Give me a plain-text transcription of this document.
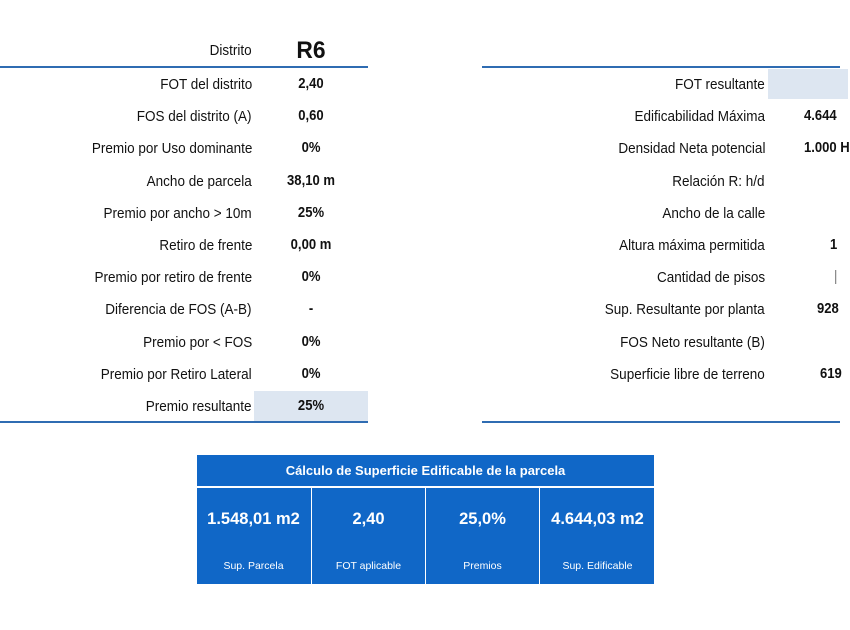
Distrito	R6
FOT del distrito	2,40
FOS del distrito (A)	0,60
Premio por Uso dominante	0%
Ancho de parcela	38,10 m
Premio por ancho > 10m	25%
Retiro de frente	0,00 m
Premio por retiro de frente	0%
Diferencia de FOS (A-B)	-
Premio por < FOS	0%
Premio por Retiro Lateral	0%
Premio resultante	25%
FOT resultante
Edificabilidad Máxima	4.644
Densidad Neta potencial	1.000 H
Relación R: h/d
Ancho de la calle
Altura máxima permitida	1
Cantidad de pisos	|
Sup. Resultante por planta	928
FOS Neto resultante (B)
Superficie libre de terreno	619
Cálculo de Superficie Edificable de la parcela
1.548,01 m2
Sup. Parcela
2,40
FOT aplicable
25,0%
Premios
4.644,03 m2
Sup. Edificable
